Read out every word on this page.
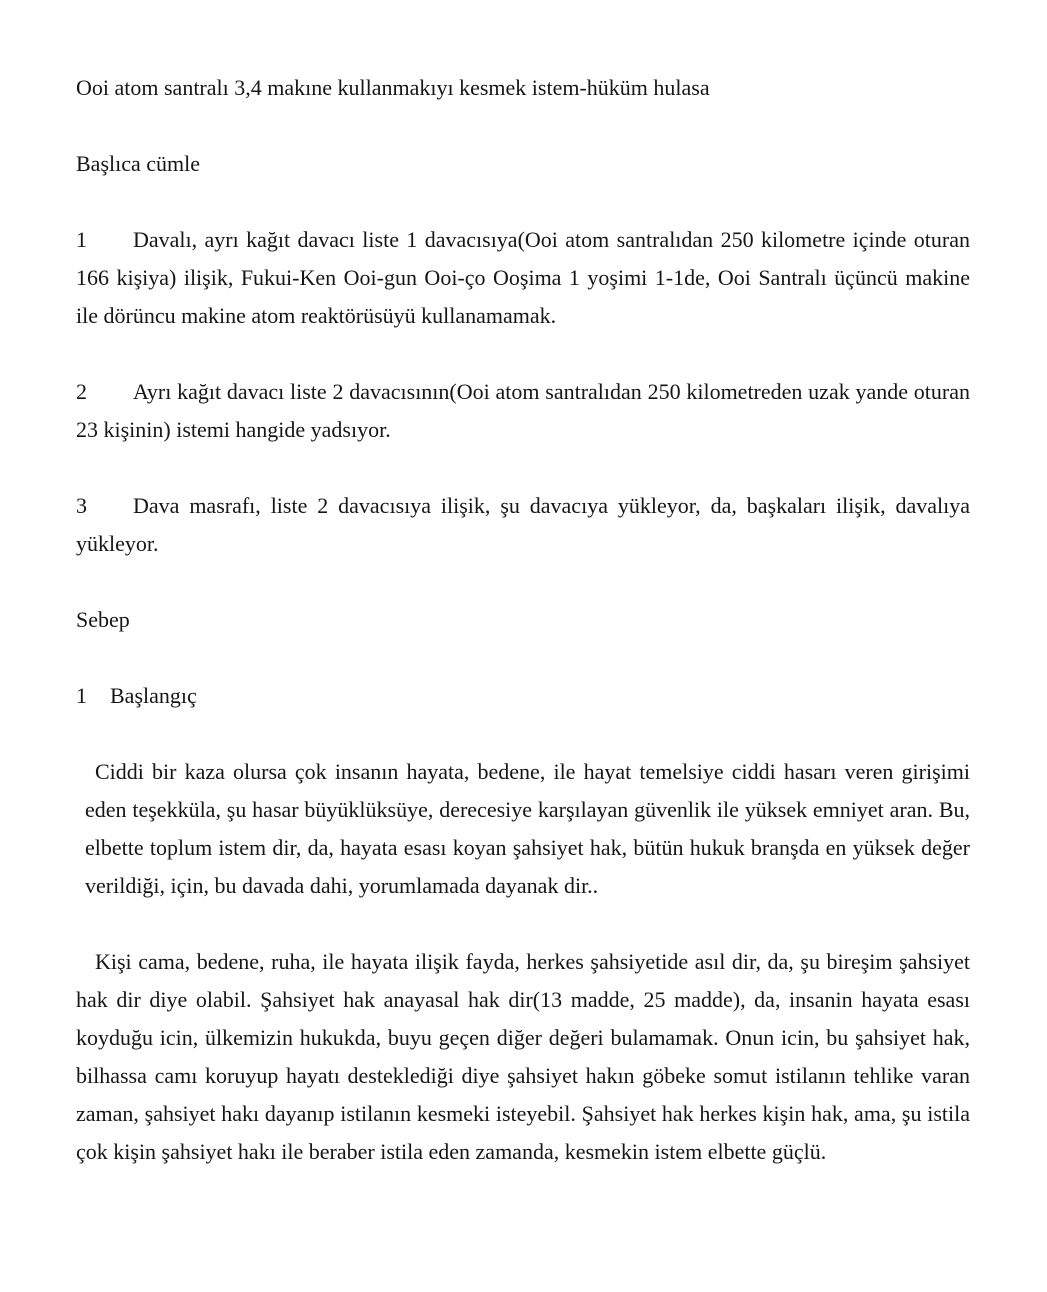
Ooi atom santralı 3,4 makıne kullanmakıyı kesmek istem-hüküm hulasa

Başlıca cümle

1 Davalı, ayrı kağıt davacı liste 1 davacısıya(Ooi atom santralıdan 250 kilometre içinde oturan 166 kişiya) ilişik, Fukui-Ken Ooi-gun Ooi-ço Ooşima 1 yoşimi 1-1de, Ooi Santralı üçüncü makine ile dörüncu makine atom reaktörüsüyü kullanamamak.

2 Ayrı kağıt davacı liste 2 davacısının(Ooi atom santralıdan 250 kilometreden uzak yande oturan 23 kişinin) istemi hangide yadsıyor.

3 Dava masrafı, liste 2 davacısıya ilişik, şu davacıya yükleyor, da, başkaları ilişik, davalıya yükleyor.

Sebep

1 Başlangıç

Ciddi bir kaza olursa çok insanın hayata, bedene, ile hayat temelsiye ciddi hasarı veren girişimi eden teşekküla, şu hasar büyüklüksüye, derecesiye karşılayan güvenlik ile yüksek emniyet aran. Bu, elbette toplum istem dir, da, hayata esası koyan şahsiyet hak, bütün hukuk branşda en yüksek değer verildiği, için, bu davada dahi, yorumlamada dayanak dir..

Kişi cama, bedene, ruha, ile hayata ilişik fayda, herkes şahsiyetide asıl dir, da, şu bireşim şahsiyet hak dir diye olabil. Şahsiyet hak anayasal hak dir(13 madde, 25 madde), da, insanin hayata esası koyduğu icin, ülkemizin hukukda, buyu geçen diğer değeri bulamamak. Onun icin, bu şahsiyet hak, bilhassa camı koruyup hayatı desteklediği diye şahsiyet hakın göbeke somut istilanın tehlike varan zaman, şahsiyet hakı dayanıp istilanın kesmeki isteyebil. Şahsiyet hak herkes kişin hak, ama, şu istila çok kişin şahsiyet hakı ile beraber istila eden zamanda, kesmekin istem elbette güçlü.
